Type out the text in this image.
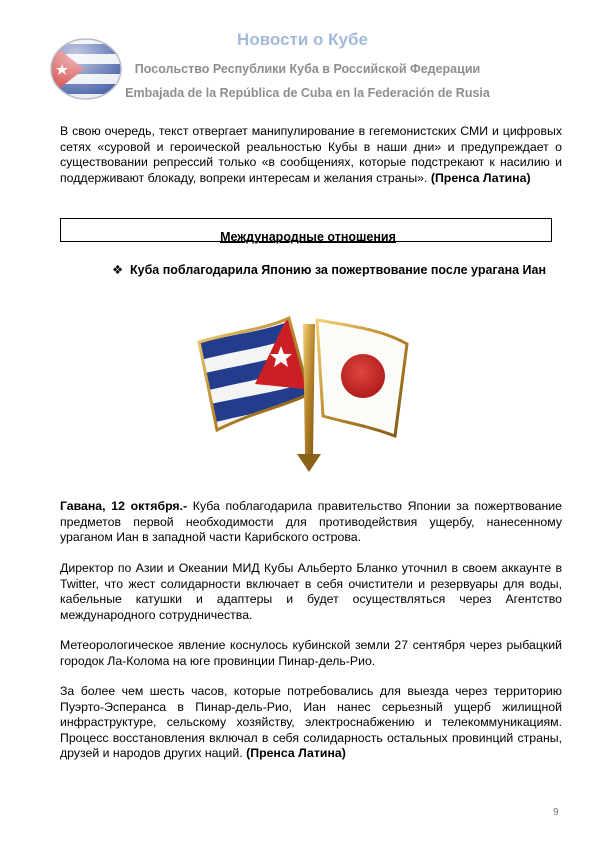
Новости о Кубе
Посольство Республики Куба в Российской Федерации
Embajada de la República de Cuba en la Federación de Rusia

В свою очередь, текст отвергает манипулирование в гегемонистских СМИ и цифровых сетях «суровой и героической реальностью Кубы в наши дни» и предупреждает о существовании репрессий только «в сообщениях, которые подстрекают к насилию и поддерживают блокаду, вопреки интересам и желания страны». (Пренса Латина)

Международные отношения
❖ Куба поблагодарила Японию за пожертвование после урагана Иан

Гавана, 12 октября.- Куба поблагодарила правительство Японии за пожертвование предметов первой необходимости для противодействия ущербу, нанесенному ураганом Иан в западной части Карибского острова.

Директор по Азии и Океании МИД Кубы Альберто Бланко уточнил в своем аккаунте в Twitter, что жест солидарности включает в себя очистители и резервуары для воды, кабельные катушки и адаптеры и будет осуществляться через Агентство международного сотрудничества.

Метеорологическое явление коснулось кубинской земли 27 сентября через рыбацкий городок Ла-Колома на юге провинции Пинар-дель-Рио.

За более чем шесть часов, которые потребовались для выезда через территорию Пуэрто-Эсперанса в Пинар-дель-Рио, Иан нанес серьезный ущерб жилищной инфраструктуре, сельскому хозяйству, электроснабжению и телекоммуникациям. Процесс восстановления включал в себя солидарность остальных провинций страны, друзей и народов других наций. (Пренса Латина)

9
